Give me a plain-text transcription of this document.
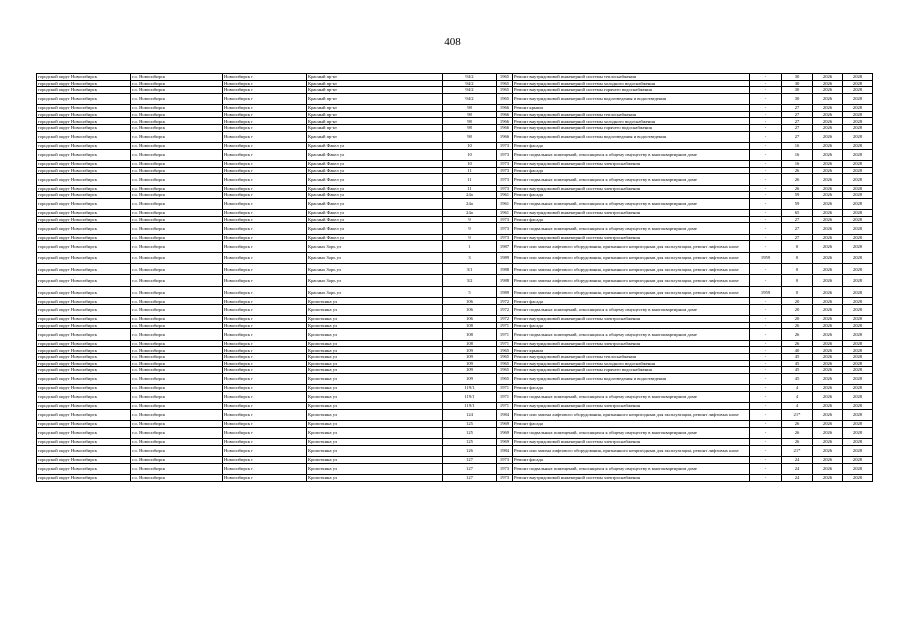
408
городской округ Новосибирск	г.о. Новосибирск	Новосибирск г	Красный пр-кт	94/2	1965	Ремонт внутридомовой инженерной системы теплоснабжения	-	30	2026	2028
городской округ Новосибирск	г.о. Новосибирск	Новосибирск г	Красный пр-кт	94/2	1965	Ремонт внутридомовой инженерной системы холодного водоснабжения	-	30	2026	2028
городской округ Новосибирск	г.о. Новосибирск	Новосибирск г	Красный пр-кт	94/2	1965	Ремонт внутридомовой инженерной системы горячего водоснабжения	-	30	2026	2028
городской округ Новосибирск	г.о. Новосибирск	Новосибирск г	Красный пр-кт	94/2	1965	Ремонт внутридомовой инженерной системы водоотведения и водоотведения	-	30	2026	2028
городской округ Новосибирск	г.о. Новосибирск	Новосибирск г	Красный пр-кт	98	1966	Ремонт крыши	-	27	2026	2028
городской округ Новосибирск	г.о. Новосибирск	Новосибирск г	Красный пр-кт	98	1966	Ремонт внутридомовой инженерной системы теплоснабжения	-	27	2026	2028
городской округ Новосибирск	г.о. Новосибирск	Новосибирск г	Красный пр-кт	98	1966	Ремонт внутридомовой инженерной системы холодного водоснабжения	-	27	2026	2028
городской округ Новосибирск	г.о. Новосибирск	Новосибирск г	Красный пр-кт	98	1966	Ремонт внутридомовой инженерной системы горячего водоснабжения	-	27	2026	2028
городской округ Новосибирск	г.о. Новосибирск	Новосибирск г	Красный пр-кт	98	1966	Ремонт внутридомовой инженерной системы водоотведения и водоотведения	-	27	2026	2028
городской округ Новосибирск	г.о. Новосибирск	Новосибирск г	Красный Факел ул	10	1973	Ремонт фасада	-	16	2026	2028
городской округ Новосибирск	г.о. Новосибирск	Новосибирск г	Красный Факел ул	10	1973	Ремонт подвальных помещений, относящихся к общему имуществу в многоквартирном доме	-	16	2026	2028
городской округ Новосибирск	г.о. Новосибирск	Новосибирск г	Красный Факел ул	10	1973	Ремонт внутридомовой инженерной системы электроснабжения	-	16	2026	2028
городской округ Новосибирск	г.о. Новосибирск	Новосибирск г	Красный Факел ул	11	1973	Ремонт фасада	-	26	2026	2028
городской округ Новосибирск	г.о. Новосибирск	Новосибирск г	Красный Факел ул	11	1973	Ремонт подвальных помещений, относящихся к общему имуществу в многоквартирном доме	-	26	2026	2028
городской округ Новосибирск	г.о. Новосибирск	Новосибирск г	Красный Факел ул	11	1973	Ремонт внутридомовой инженерной системы электроснабжения	-	26	2026	2028
городской округ Новосибирск	г.о. Новосибирск	Новосибирск г	Красный Факел ул	24а	1961	Ремонт фасада	-	59	2026	2028
городской округ Новосибирск	г.о. Новосибирск	Новосибирск г	Красный Факел ул	24а	1961	Ремонт подвальных помещений, относящихся к общему имуществу в многоквартирном доме	-	59	2026	2028
городской округ Новосибирск	г.о. Новосибирск	Новосибирск г	Красный Факел ул	24а	1961	Ремонт внутридомовой инженерной системы электроснабжения	-	65	2026	2028
городской округ Новосибирск	г.о. Новосибирск	Новосибирск г	Красный Факел ул	9	1973	Ремонт фасада	-	27	2026	2028
городской округ Новосибирск	г.о. Новосибирск	Новосибирск г	Красный Факел ул	9	1973	Ремонт подвальных помещений, относящихся к общему имуществу в многоквартирном доме	-	27	2026	2028
городской округ Новосибирск	г.о. Новосибирск	Новосибирск г	Красный Факел ул	9	1973	Ремонт внутридомовой инженерной системы электроснабжения	-	27	2026	2028
городской округ Новосибирск	г.о. Новосибирск	Новосибирск г	Красных Зорь ул	1	1987	Ремонт или замена лифтового оборудования, признанного непригодным для эксплуатации, ремонт лифтовых шахт	-	0	2026	2028
городской округ Новосибирск	г.о. Новосибирск	Новосибирск г	Красных Зорь ул	3	1989	Ремонт или замена лифтового оборудования, признанного непригодным для эксплуатации, ремонт лифтовых шахт	1959	0	2026	2028
городской округ Новосибирск	г.о. Новосибирск	Новосибирск г	Красных Зорь ул	3/1	1988	Ремонт или замена лифтового оборудования, признанного непригодным для эксплуатации, ремонт лифтовых шахт	-	0	2026	2028
городской округ Новосибирск	г.о. Новосибирск	Новосибирск г	Красных Зорь ул	3/2	1988	Ремонт или замена лифтового оборудования, признанного непригодным для эксплуатации, ремонт лифтовых шахт	-	0	2026	2028
городской округ Новосибирск	г.о. Новосибирск	Новосибирск г	Красных Зорь ул	5	1989	Ремонт или замена лифтового оборудования, признанного непригодным для эксплуатации, ремонт лифтовых шахт	1959	0	2026	2028
городской округ Новосибирск	г.о. Новосибирск	Новосибирск г	Кропоткина ул	106	1972	Ремонт фасада	-	20	2026	2028
городской округ Новосибирск	г.о. Новосибирск	Новосибирск г	Кропоткина ул	106	1972	Ремонт подвальных помещений, относящихся к общему имуществу в многоквартирном доме	-	20	2026	2028
городской округ Новосибирск	г.о. Новосибирск	Новосибирск г	Кропоткина ул	106	1972	Ремонт внутридомовой инженерной системы электроснабжения	-	20	2026	2028
городской округ Новосибирск	г.о. Новосибирск	Новосибирск г	Кропоткина ул	108	1971	Ремонт фасада	-	26	2026	2028
городской округ Новосибирск	г.о. Новосибирск	Новосибирск г	Кропоткина ул	108	1971	Ремонт подвальных помещений, относящихся к общему имуществу в многоквартирном доме	-	26	2026	2028
городской округ Новосибирск	г.о. Новосибирск	Новосибирск г	Кропоткина ул	108	1971	Ремонт внутридомовой инженерной системы электроснабжения	-	26	2026	2028
городской округ Новосибирск	г.о. Новосибирск	Новосибирск г	Кропоткина ул	109	1965	Ремонт крыши	-	40	2026	2028
городской округ Новосибирск	г.о. Новосибирск	Новосибирск г	Кропоткина ул	109	1965	Ремонт внутридомовой инженерной системы теплоснабжения	-	45	2026	2028
городской округ Новосибирск	г.о. Новосибирск	Новосибирск г	Кропоткина ул	109	1965	Ремонт внутридомовой инженерной системы холодного водоснабжения	-	45	2026	2028
городской округ Новосибирск	г.о. Новосибирск	Новосибирск г	Кропоткина ул	109	1965	Ремонт внутридомовой инженерной системы горячего водоснабжения	-	45	2026	2028
городской округ Новосибирск	г.о. Новосибирск	Новосибирск г	Кропоткина ул	109	1965	Ремонт внутридомовой инженерной системы водоотведения и водоотведения	-	45	2026	2028
городской округ Новосибирск	г.о. Новосибирск	Новосибирск г	Кропоткина ул	119/1	1971	Ремонт фасада	-	4	2026	2028
городской округ Новосибирск	г.о. Новосибирск	Новосибирск г	Кропоткина ул	119/1	1971	Ремонт подвальных помещений, относящихся к общему имуществу в многоквартирном доме	-	4	2026	2028
городской округ Новосибирск	г.о. Новосибирск	Новосибирск г	Кропоткина ул	119/1	1971	Ремонт внутридомовой инженерной системы электроснабжения	-	4	2026	2028
городской округ Новосибирск	г.о. Новосибирск	Новосибирск г	Кропоткина ул	124	1984	Ремонт или замена лифтового оборудования, признанного непригодным для эксплуатации, ремонт лифтовых шахт	-	21*	2026	2028
городской округ Новосибирск	г.о. Новосибирск	Новосибирск г	Кропоткина ул	125	1969	Ремонт фасада	-	26	2026	2028
городской округ Новосибирск	г.о. Новосибирск	Новосибирск г	Кропоткина ул	125	1969	Ремонт подвальных помещений, относящихся к общему имуществу в многоквартирном доме	-	26	2026	2028
городской округ Новосибирск	г.о. Новосибирск	Новосибирск г	Кропоткина ул	125	1969	Ремонт внутридомовой инженерной системы электроснабжения	-	26	2026	2028
городской округ Новосибирск	г.о. Новосибирск	Новосибирск г	Кропоткина ул	126	1984	Ремонт или замена лифтового оборудования, признанного непригодным для эксплуатации, ремонт лифтовых шахт	-	21*	2026	2028
городской округ Новосибирск	г.о. Новосибирск	Новосибирск г	Кропоткина ул	127	1973	Ремонт фасада	-	24	2026	2028
городской округ Новосибирск	г.о. Новосибирск	Новосибирск г	Кропоткина ул	127	1973	Ремонт подвальных помещений, относящихся к общему имуществу в многоквартирном доме	-	24	2026	2028
городской округ Новосибирск	г.о. Новосибирск	Новосибирск г	Кропоткина ул	127	1973	Ремонт внутридомовой инженерной системы электроснабжения	-	24	2026	2028
